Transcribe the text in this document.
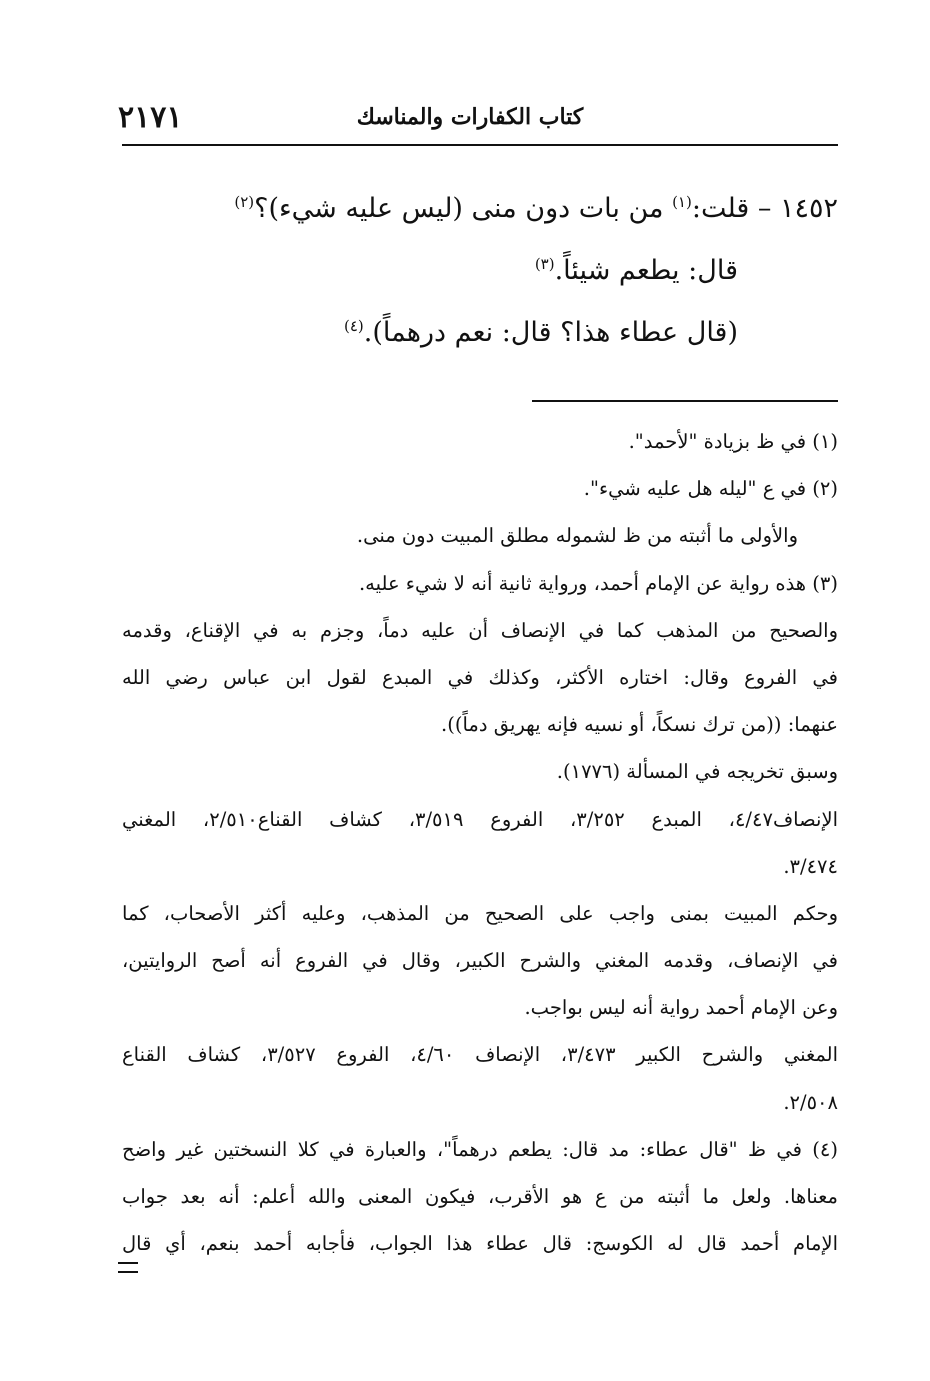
٢١٧١	كتاب الكفارات والمناسك
١٤٥٢ – قلت:$^{(١)}$ من بات دون منى (ليس عليه شيء)؟$^{(٢)}$
قال: يطعم شيئاً.$^{(٣)}$
(قال عطاء هذا؟ قال: نعم درهماً).$^{(٤)}$
(١) في ظ بزيادة "لأحمد".
(٢) في ع "ليله هل عليه شيء".
والأولى ما أثبته من ظ لشموله مطلق المبيت دون منى.
(٣) هذه رواية عن الإمام أحمد، ورواية ثانية أنه لا شيء عليه.
والصحيح من المذهب كما في الإنصاف أن عليه دماً، وجزم به في الإقناع، وقدمه
في الفروع وقال: اختاره الأكثر، وكذلك في المبدع لقول ابن عباس رضي الله
عنهما: ((من ترك نسكاً، أو نسيه فإنه يهريق دماً)).
وسبق تخريجه في المسألة (١٧٧٦).
الإنصاف٤/٤٧، المبدع ٣/٢٥٢، الفروع ٣/٥١٩، كشاف القناع٢/٥١٠، المغني
٣/٤٧٤.
وحكم المبيت بمنى واجب على الصحيح من المذهب، وعليه أكثر الأصحاب، كما
في الإنصاف، وقدمه المغني والشرح الكبير، وقال في الفروع أنه أصح الروايتين،
وعن الإمام أحمد رواية أنه ليس بواجب.
المغني والشرح الكبير ٣/٤٧٣، الإنصاف ٤/٦٠، الفروع ٣/٥٢٧، كشاف القناع
٢/٥٠٨.
(٤) في ظ "قال عطاء: مد قال: يطعم درهماً"، والعبارة في كلا النسختين غير واضح
معناها. ولعل ما أثبته من ع هو الأقرب، فيكون المعنى والله أعلم: أنه بعد جواب
الإمام أحمد قال له الكوسج: قال عطاء هذا الجواب، فأجابه أحمد بنعم، أي قال
